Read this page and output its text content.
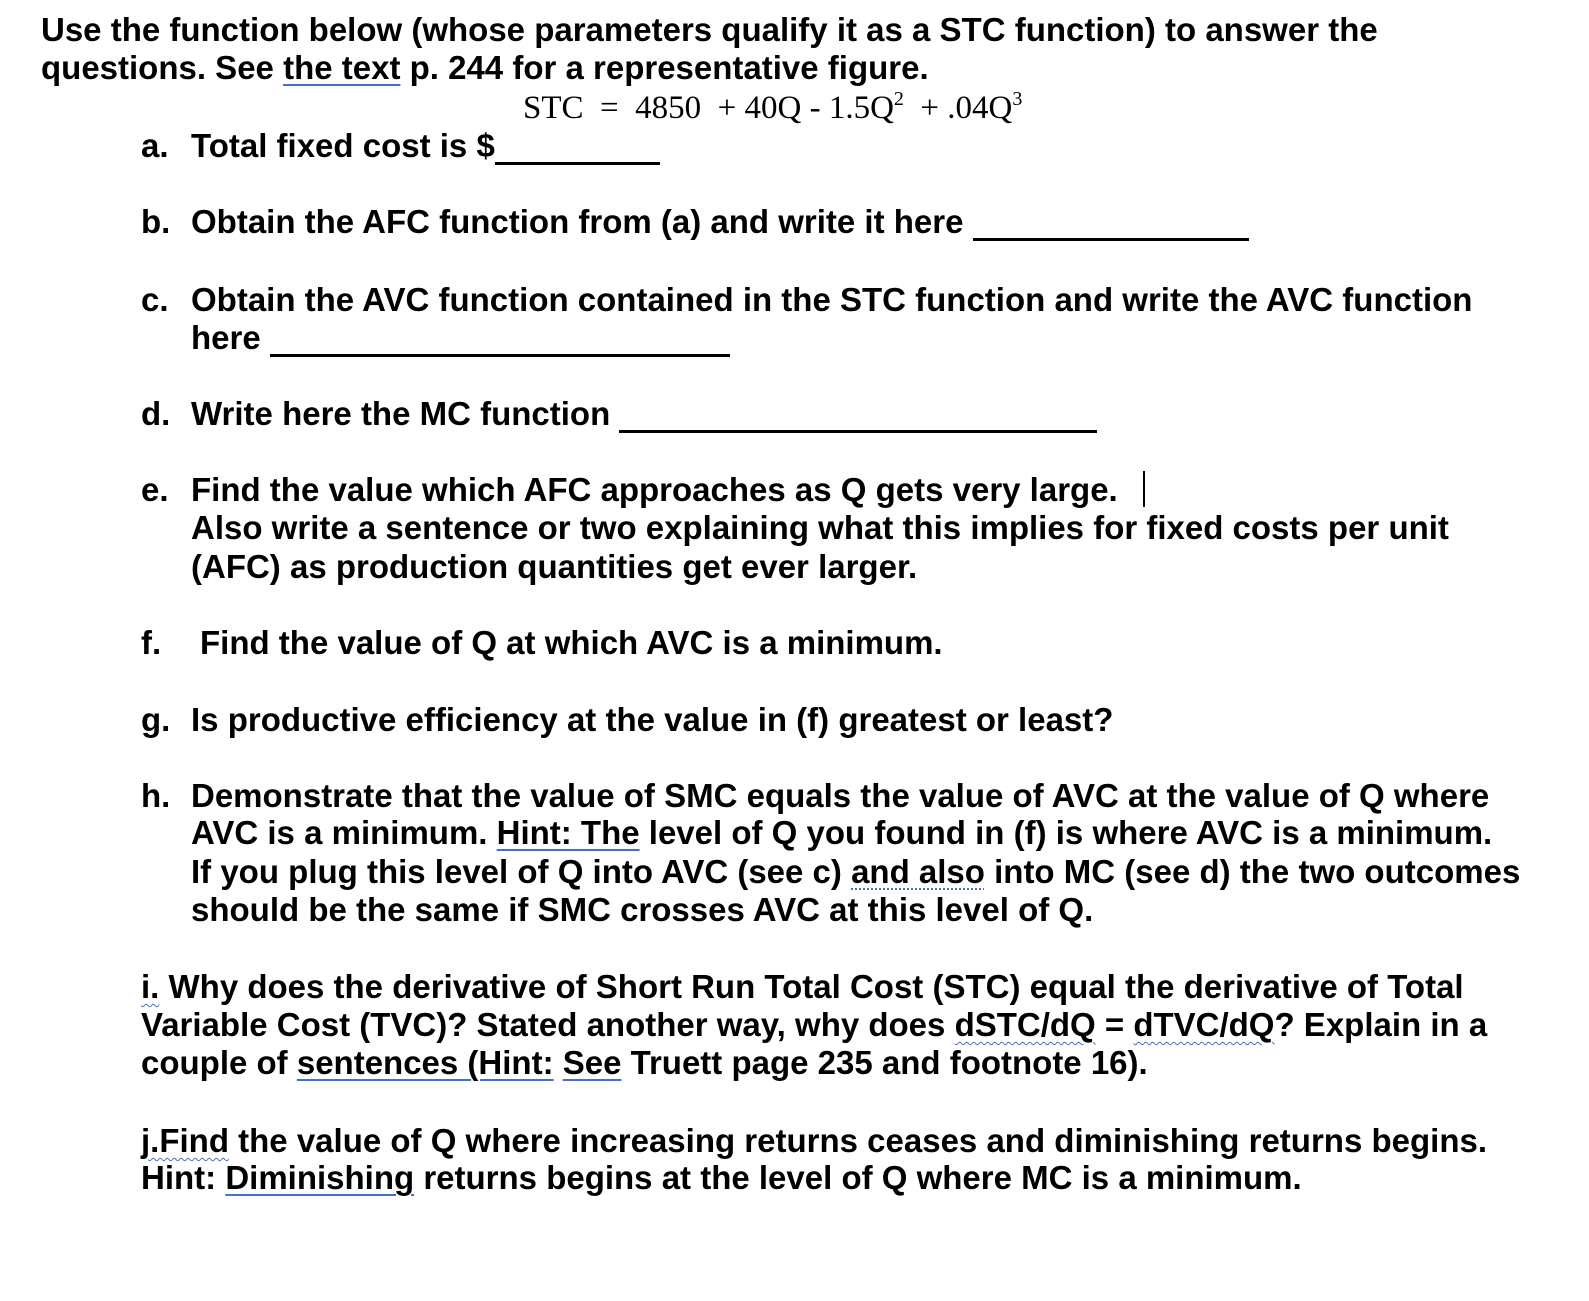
Use the function below (whose parameters qualify it as a STC function) to answer the
questions. See the text p. 244 for a representative figure.
STC = $4850 + 40Q - 1.5Q^2 + .04Q^3$
a. Total fixed cost is $
b. Obtain the AFC function from (a) and write it here
c. Obtain the AVC function contained in the STC function and write the AVC function
here
d. Write here the MC function
e. Find the value which AFC approaches as Q gets very large.
Also write a sentence or two explaining what this implies for fixed costs per unit
(AFC) as production quantities get ever larger.
f. Find the value of Q at which AVC is a minimum.
g. Is productive efficiency at the value in (f) greatest or least?
h. Demonstrate that the value of SMC equals the value of AVC at the value of Q where
AVC is a minimum. Hint: The level of Q you found in (f) is where AVC is a minimum.
If you plug this level of Q into AVC (see c) and also into MC (see d) the two outcomes
should be the same if SMC crosses AVC at this level of Q.
i. Why does the derivative of Short Run Total Cost (STC) equal the derivative of Total
Variable Cost (TVC)? Stated another way, why does dSTC/dQ = dTVC/dQ? Explain in a
couple of sentences (Hint: See Truett page 235 and footnote 16).
j.Find the value of Q where increasing returns ceases and diminishing returns begins.
Hint: Diminishing returns begins at the level of Q where MC is a minimum.
